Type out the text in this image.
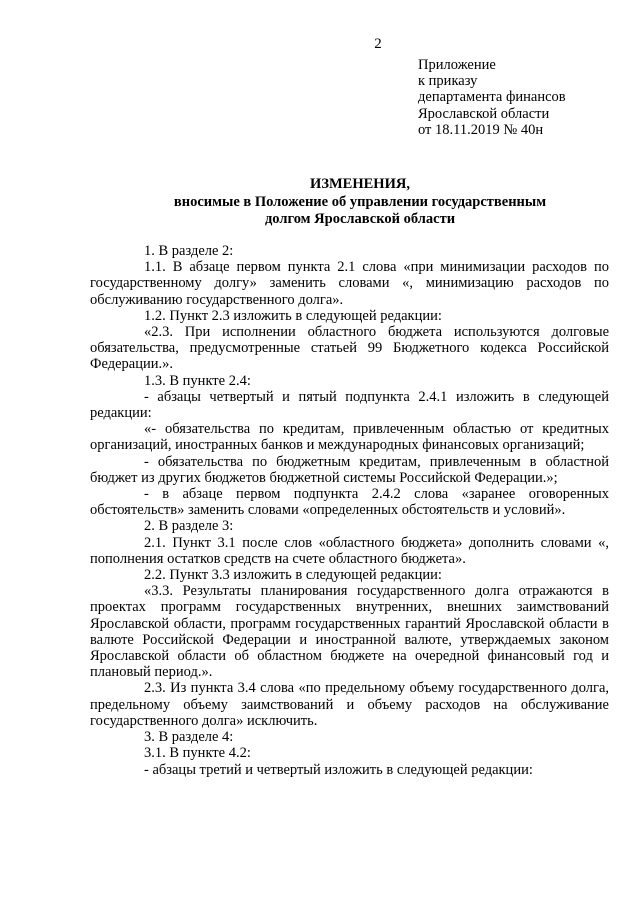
2
Приложение
к приказу
департамента финансов
Ярославской области
от 18.11.2019 № 40н
ИЗМЕНЕНИЯ,
вносимые в Положение об управлении государственным
долгом Ярославской области

1. В разделе 2:

1.1. В абзаце первом пункта 2.1 слова «при минимизации расходов по государственному долгу» заменить словами «, минимизацию расходов по обслуживанию государственного долга».

1.2. Пункт 2.3 изложить в следующей редакции:

«2.3. При исполнении областного бюджета используются долговые обязательства, предусмотренные статьей 99 Бюджетного кодекса Российской Федерации.».

1.3. В пункте 2.4:

- абзацы четвертый и пятый подпункта 2.4.1 изложить в следующей редакции:

«- обязательства по кредитам, привлеченным областью от кредитных организаций, иностранных банков и международных финансовых организаций;

- обязательства по бюджетным кредитам, привлеченным в областной бюджет из других бюджетов бюджетной системы Российской Федерации.»;

- в абзаце первом подпункта 2.4.2 слова «заранее оговоренных обстоятельств» заменить словами «определенных обстоятельств и условий».

2. В разделе 3:

2.1. Пункт 3.1 после слов «областного бюджета» дополнить словами «, пополнения остатков средств на счете областного бюджета».

2.2. Пункт 3.3 изложить в следующей редакции:

«3.3. Результаты планирования государственного долга отражаются в проектах программ государственных внутренних, внешних заимствований Ярославской области, программ государственных гарантий Ярославской области в валюте Российской Федерации и иностранной валюте, утверждаемых законом Ярославской области об областном бюджете на очередной финансовый год и плановый период.».

2.3. Из пункта 3.4 слова «по предельному объему государственного долга, предельному объему заимствований и объему расходов на обслуживание государственного долга» исключить.

3. В разделе 4:

3.1. В пункте 4.2:

- абзацы третий и четвертый изложить в следующей редакции:
